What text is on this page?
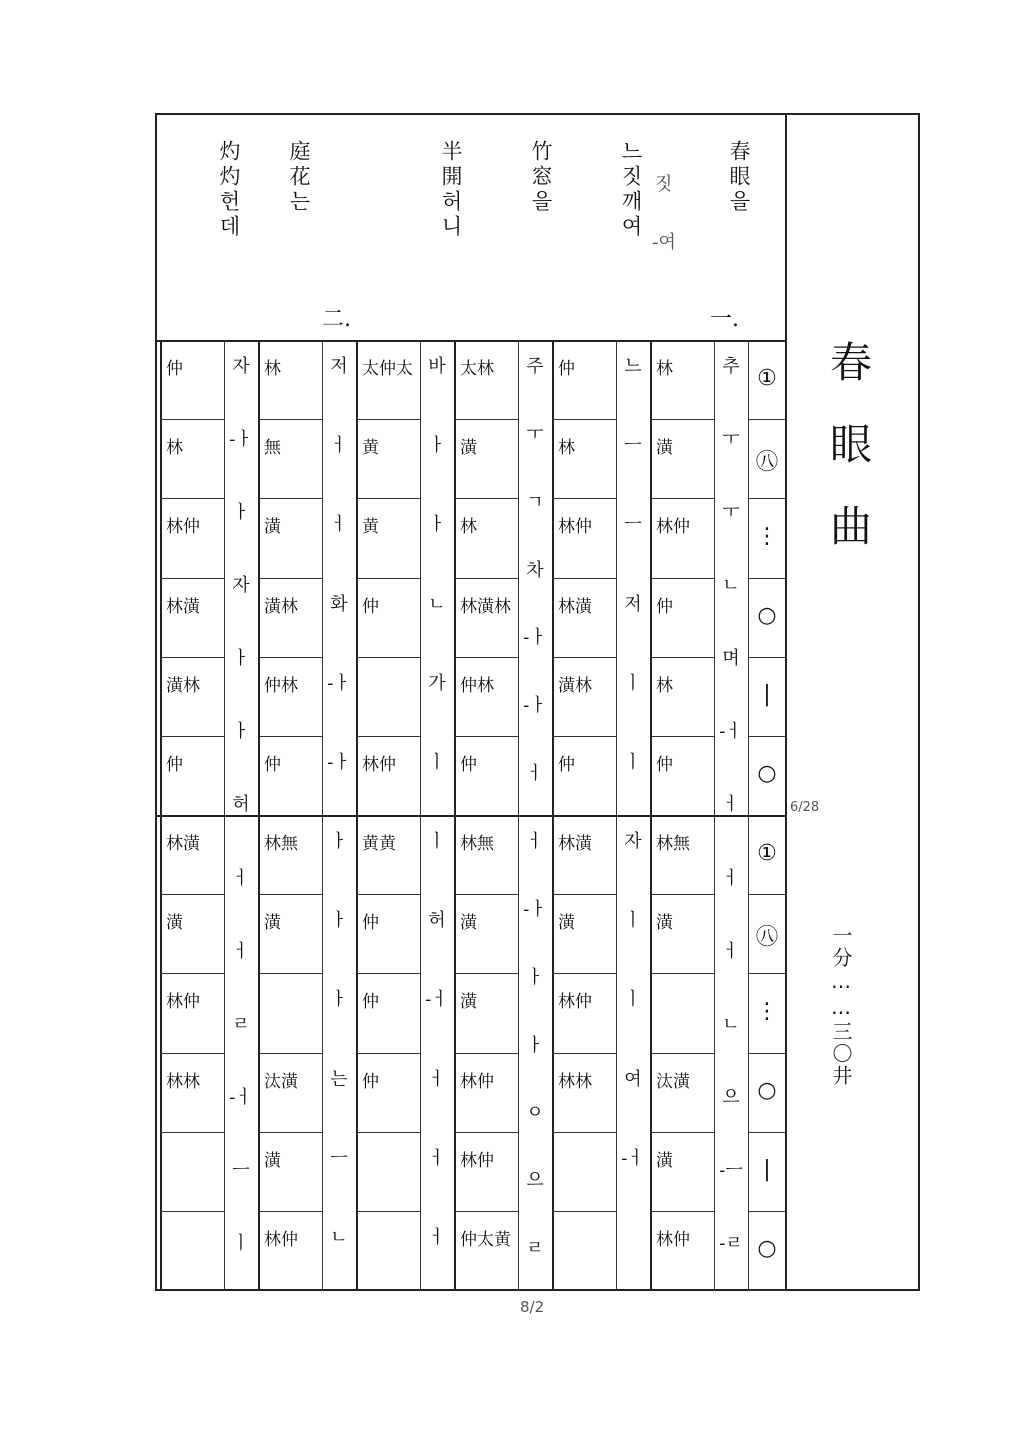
春眼曲
一分……三〇井
春眼을
느짓깨여
竹窓을
半開허니
庭花는
灼灼헌데
一.
二.
짓
-여
①
㊇
⋮
○
|
○
①
㊇
⋮
○
|
○
林
潢
林仲
仲
林
仲
林無
潢
汰潢
潢
林仲
추
ㅜ
ㅜ
ㄴ
며
-ㅓ
ㅓ
ㅓ
ㅓ
ㄴ
으
-ㅡ
-ㄹ
仲
林
林仲
林潢
潢林
仲
林潢
潢
林仲
林林
느
ㅡ
ㅡ
저
ㅣ
ㅣ
자
ㅣ
ㅣ
여
-ㅓ
太林
潢
林
林潢林
仲林
仲
林無
潢
潢
林仲
林仲
仲太黄
주
ㅜ
ㄱ
차
-ㅏ
-ㅏ
ㅓ
ㅓ
-ㅏ
ㅏ
ㅏ
ㅇ
으
ㄹ
太仲太
黄
黄
仲
林仲
黄黄
仲
仲
仲
바
ㅏ
ㅏ
ㄴ
가
ㅣ
ㅣ
허
-ㅓ
ㅓ
ㅓ
ㅓ
林
無
潢
潢林
仲林
仲
林無
潢
汰潢
潢
林仲
저
ㅓ
ㅓ
화
-ㅏ
-ㅏ
ㅏ
ㅏ
ㅏ
는
ㅡ
ㄴ
仲
林
林仲
林潢
潢林
仲
林潢
潢
林仲
林林
자
-ㅏ
ㅏ
자
ㅏ
ㅏ
허
ㅓ
ㅓ
ㄹ
-ㅓ
ㅡ
ㅣ
6/28
8/2
